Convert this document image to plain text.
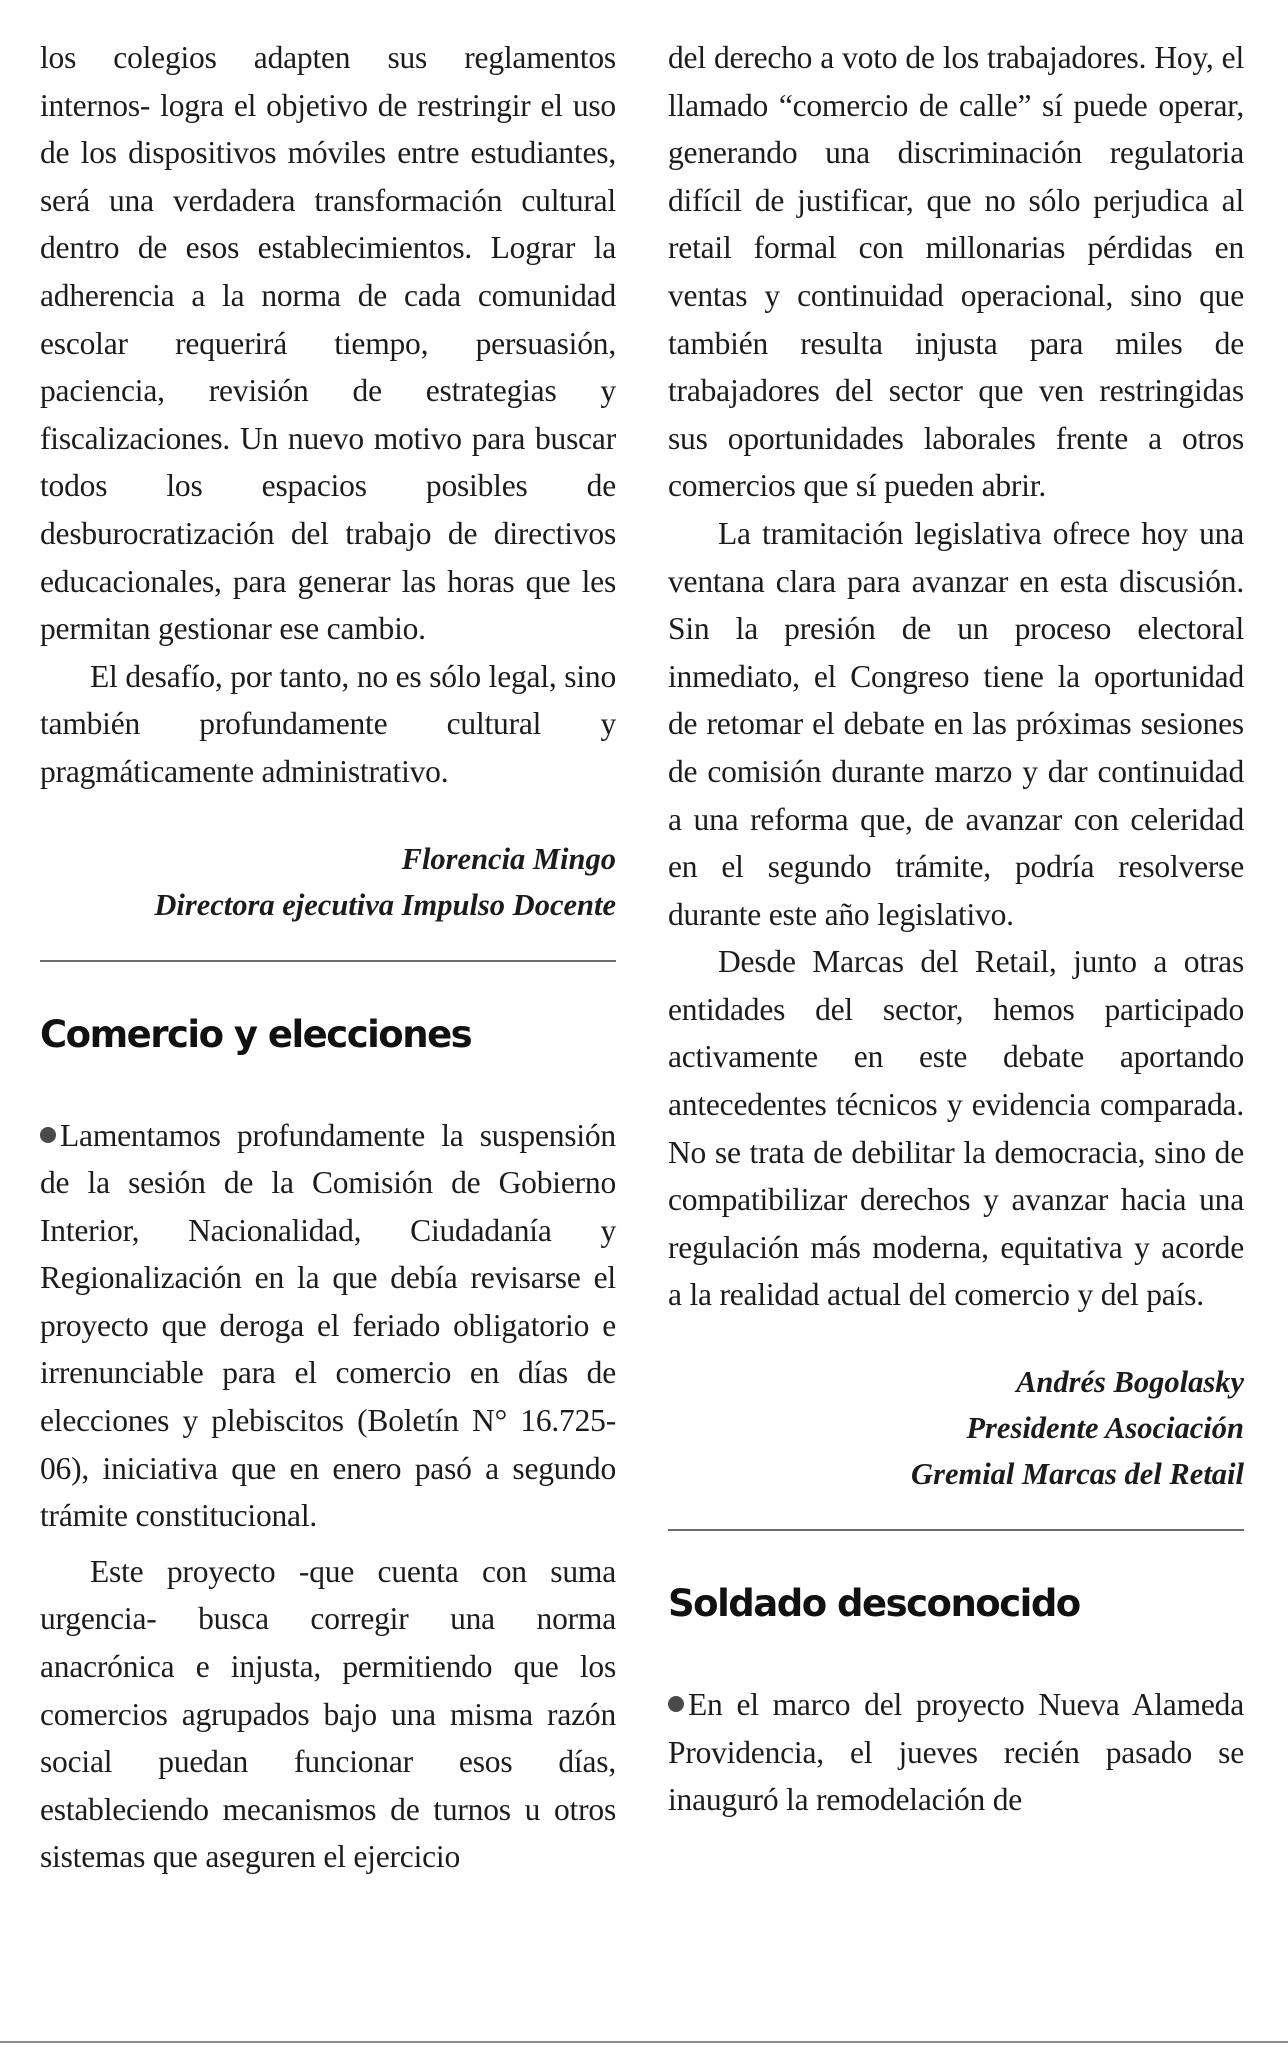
los colegios adapten sus reglamentos internos- logra el objetivo de restringir el uso de los dispositivos móviles entre estudiantes, será una verdadera transformación cultural dentro de esos establecimientos. Lograr la adherencia a la norma de cada comunidad escolar requerirá tiempo, persuasión, paciencia, revisión de estrategias y fiscalizaciones. Un nuevo motivo para buscar todos los espacios posibles de desburocratización del trabajo de directivos educacionales, para generar las horas que les permitan gestionar ese cambio.

El desafío, por tanto, no es sólo legal, sino también profundamente cultural y pragmáticamente administrativo.

Florencia Mingo
Directora ejecutiva Impulso Docente
Comercio y elecciones

Lamentamos profundamente la suspensión de la sesión de la Comisión de Gobierno Interior, Nacionalidad, Ciudadanía y Regionalización en la que debía revisarse el proyecto que deroga el feriado obligatorio e irrenunciable para el comercio en días de elecciones y plebiscitos (Boletín N° 16.725-06), iniciativa que en enero pasó a segundo trámite constitucional.

Este proyecto -que cuenta con suma urgencia- busca corregir una norma anacrónica e injusta, permitiendo que los comercios agrupados bajo una misma razón social puedan funcionar esos días, estableciendo mecanismos de turnos u otros sistemas que aseguren el ejercicio

del derecho a voto de los trabajadores. Hoy, el llamado “comercio de calle” sí puede operar, generando una discriminación regulatoria difícil de justificar, que no sólo perjudica al retail formal con millonarias pérdidas en ventas y continuidad operacional, sino que también resulta injusta para miles de trabajadores del sector que ven restringidas sus oportunidades laborales frente a otros comercios que sí pueden abrir.

La tramitación legislativa ofrece hoy una ventana clara para avanzar en esta discusión. Sin la presión de un proceso electoral inmediato, el Congreso tiene la oportunidad de retomar el debate en las próximas sesiones de comisión durante marzo y dar continuidad a una reforma que, de avanzar con celeridad en el segundo trámite, podría resolverse durante este año legislativo.

Desde Marcas del Retail, junto a otras entidades del sector, hemos participado activamente en este debate aportando antecedentes técnicos y evidencia comparada. No se trata de debilitar la democracia, sino de compatibilizar derechos y avanzar hacia una regulación más moderna, equitativa y acorde a la realidad actual del comercio y del país.

Andrés Bogolasky
Presidente Asociación
Gremial Marcas del Retail
Soldado desconocido

En el marco del proyecto Nueva Alameda Providencia, el jueves recién pasado se inauguró la remodelación de
